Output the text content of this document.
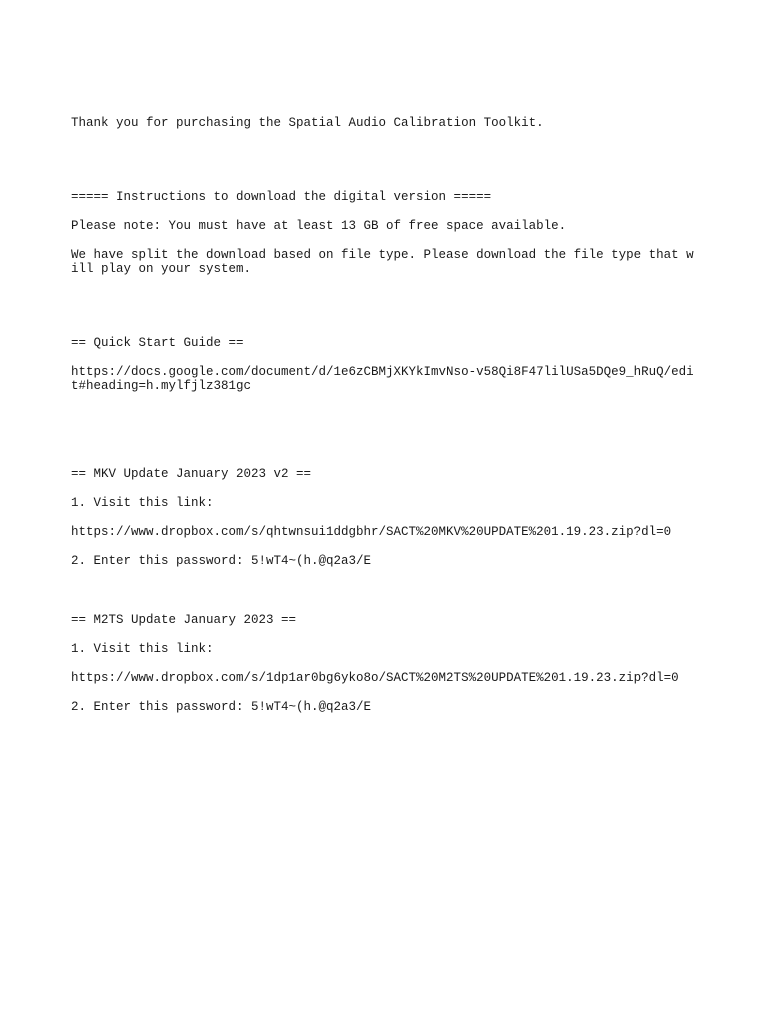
Thank you for purchasing the Spatial Audio Calibration Toolkit.

===== Instructions to download the digital version =====

Please note: You must have at least 13 GB of free space available.

We have split the download based on file type. Please download the file type that will play on your system.

== Quick Start Guide ==

https://docs.google.com/document/d/1e6zCBMjXKYkImvNso-v58Qi8F47lilUSa5DQe9_hRuQ/edit#heading=h.mylfjlz381gc

== MKV Update January 2023 v2 ==

1. Visit this link:

https://www.dropbox.com/s/qhtwnsui1ddgbhr/SACT%20MKV%20UPDATE%201.19.23.zip?dl=0

2. Enter this password: 5!wT4~(h.@q2a3/E

== M2TS Update January 2023 ==

1. Visit this link:

https://www.dropbox.com/s/1dp1ar0bg6yko8o/SACT%20M2TS%20UPDATE%201.19.23.zip?dl=0

2. Enter this password: 5!wT4~(h.@q2a3/E
